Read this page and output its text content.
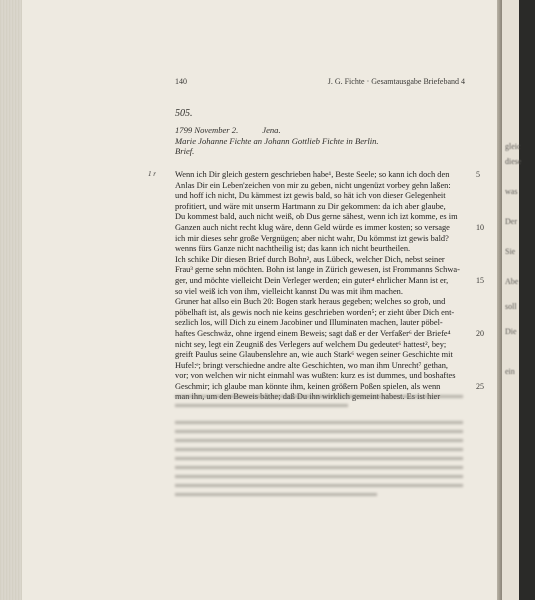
gleic
diese
was
Der
Sie
Abe
soll
Die
ein
140	J. G. Fichte · Gesamtausgabe Briefeband 4
505.
1799 November 2.	Jena.
Marie Johanne Fichte an Johann Gottlieb Fichte in Berlin.
Brief.
1 r Wenn ich Dir gleich gestern geschrieben habe¹, Beste Seele; so kann ich doch den
Anlas Dir ein Leben'zeichen von mir zu geben, nicht ungenüzt vorbey gehn laßen:
und hoff ich nicht, Du kämmest izt gewis bald, so hät ich von dieser Gelegenheit
profitiert, und wäre mit unserm Hartmann zu Dir gekommen: da ich aber glaube,
Du kommest bald, auch nicht weiß, ob Dus gerne sähest, wenn ich izt komme, es im
Ganzen auch nicht recht klug wäre, denn Geld würde es immer kosten; so versage
ich mir dieses sehr große Vergnügen; aber nicht wahr, Du kömmst izt gewis bald?
wenns fürs Ganze nicht nachtheilig ist; das kann ich nicht beurtheilen.
Ich schike Dir diesen Brief durch Bohn², aus Lübeck, welcher Dich, nebst seiner
Frau³ gerne sehn möchten. Bohn ist lange in Zürich gewesen, ist Frommanns Schwa-
ger, und möchte vielleicht Dein Verleger werden; ein guter⁴ ehrlicher Mann ist er,
so viel weiß ich von ihm, vielleicht kannst Du was mit ihm machen.
Gruner hat allso ein Buch 20: Bogen stark heraus gegeben; welches so grob, und
pöbelhaft ist, als gewis noch nie keins geschrieben worden⁵; er zieht über Dich ent-
sezlich los, will Dich zu einem Jacobiner und Illuminaten machen, lauter pöbel-
haftes Geschwäz, ohne irgend einem Beweis; sagt daß er der Verfaßer⁶ der Briefe⁴
nicht sey, legt ein Zeugniß des Verlegers auf welchem Du gedeutet⁶ hattest², bey;
greift Paulus seine Glaubenslehre an, wie auch Stark⁶ wegen seiner Geschichte mit
Hufel:ᵉ; bringt verschiedne andre alte Geschichten, wo man ihm Unrecht⁷ gethan,
vor; von welchen wir nicht einmahl was wußten: kurz es ist dummes, und boshaftes
Geschmir; ich glaube man könnte ihm, keinen größern Poßen spielen, als wenn
5
10
15
20
25
